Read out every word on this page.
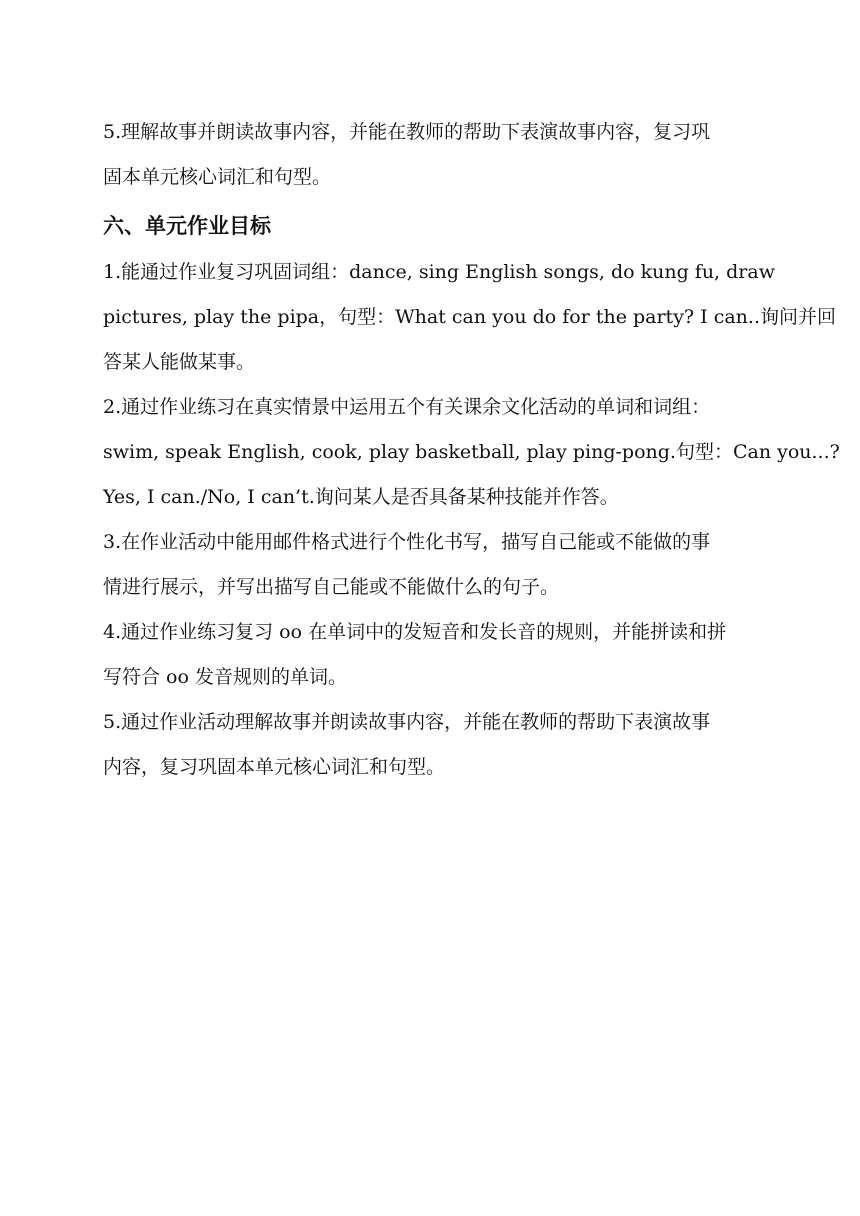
5.理解故事并朗读故事内容，并能在教师的帮助下表演故事内容，复习巩
固本单元核心词汇和句型。

六、单元作业目标

1.能通过作业复习巩固词组：dance, sing English songs, do kung fu, draw
pictures, play the pipa，句型：What can you do for the party? I can..询问并回
答某人能做某事。

2.通过作业练习在真实情景中运用五个有关课余文化活动的单词和词组：
swim, speak English, cook, play basketball, play ping-pong.句型：Can you...?
Yes, I can./No, I can’t.询问某人是否具备某种技能并作答。

3.在作业活动中能用邮件格式进行个性化书写，描写自己能或不能做的事
情进行展示，并写出描写自己能或不能做什么的句子。

4.通过作业练习复习 oo 在单词中的发短音和发长音的规则，并能拼读和拼
写符合 oo 发音规则的单词。

5.通过作业活动理解故事并朗读故事内容，并能在教师的帮助下表演故事
内容，复习巩固本单元核心词汇和句型。
